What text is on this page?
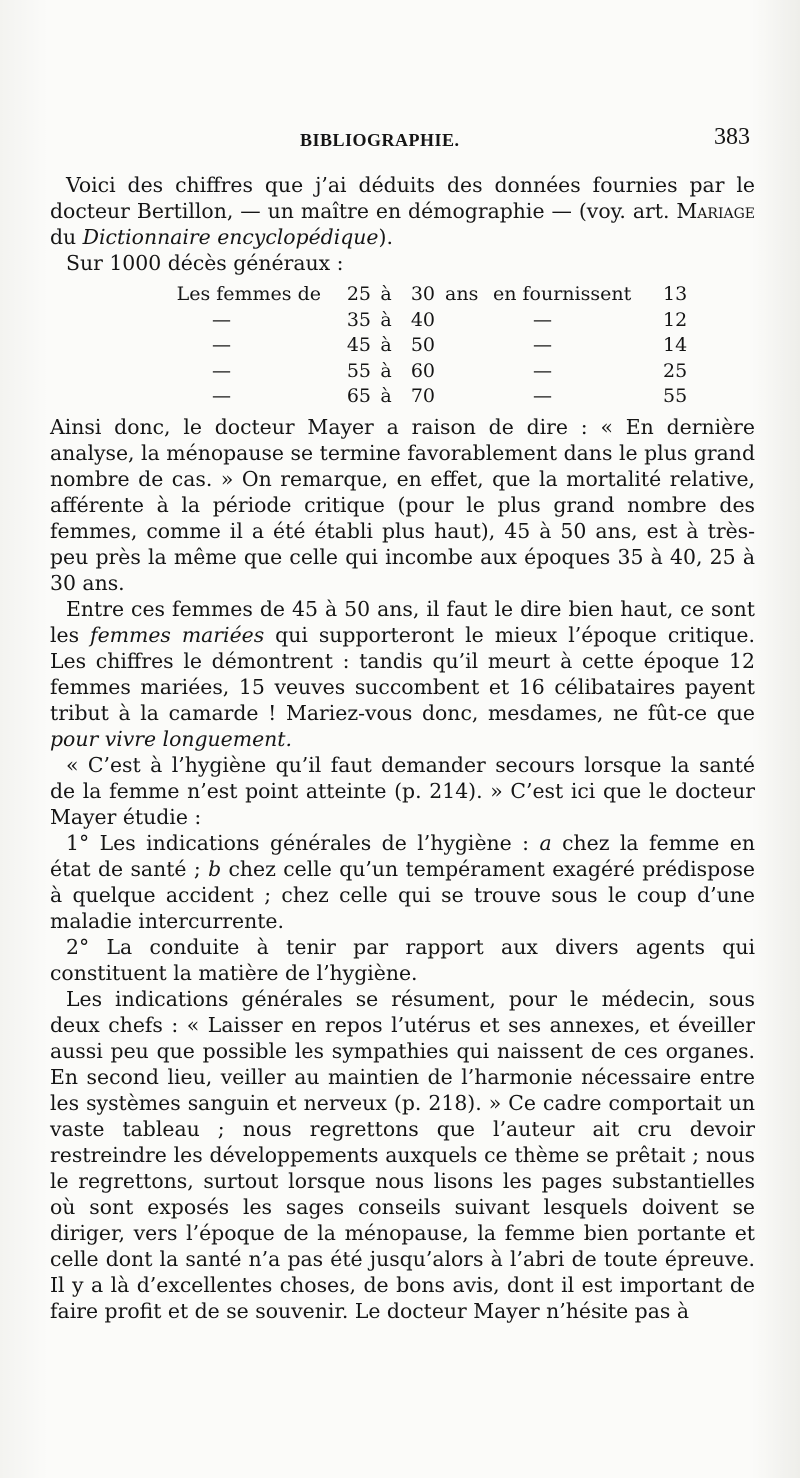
BIBLIOGRAPHIE.	383

Voici des chiffres que j’ai déduits des données fournies par le docteur Bertillon, — un maître en démographie — (voy. art. Mariage du Dictionnaire encyclopédique).

Sur 1000 décès généraux :

Les femmes de	25 à	30 ans en fournissent	13
—	35 à	40	—	12
—	45 à	50	—	14
—	55 à	60	—	25
—	65 à	70	—	55

Ainsi donc, le docteur Mayer a raison de dire : « En dernière analyse, la ménopause se termine favorablement dans le plus grand nombre de cas. » On remarque, en effet, que la mortalité relative, afférente à la période critique (pour le plus grand nombre des femmes, comme il a été établi plus haut), 45 à 50 ans, est à très-peu près la même que celle qui incombe aux époques 35 à 40, 25 à 30 ans.

Entre ces femmes de 45 à 50 ans, il faut le dire bien haut, ce sont les femmes mariées qui supporteront le mieux l’époque critique. Les chiffres le démontrent : tandis qu’il meurt à cette époque 12 femmes mariées, 15 veuves succombent et 16 célibataires payent tribut à la camarde ! Mariez-vous donc, mesdames, ne fût-ce que pour vivre longuement.

« C’est à l’hygiène qu’il faut demander secours lorsque la santé de la femme n’est point atteinte (p. 214). » C’est ici que le docteur Mayer étudie :

1° Les indications générales de l’hygiène : a chez la femme en état de santé ; b chez celle qu’un tempérament exagéré prédispose à quelque accident ; chez celle qui se trouve sous le coup d’une maladie intercurrente.

2° La conduite à tenir par rapport aux divers agents qui constituent la matière de l’hygiène.

Les indications générales se résument, pour le médecin, sous deux chefs : « Laisser en repos l’utérus et ses annexes, et éveiller aussi peu que possible les sympathies qui naissent de ces organes. En second lieu, veiller au maintien de l’harmonie nécessaire entre les systèmes sanguin et nerveux (p. 218). » Ce cadre comportait un vaste tableau ; nous regrettons que l’auteur ait cru devoir restreindre les développements auxquels ce thème se prêtait ; nous le regrettons, surtout lorsque nous lisons les pages substantielles où sont exposés les sages conseils suivant lesquels doivent se diriger, vers l’époque de la ménopause, la femme bien portante et celle dont la santé n’a pas été jusqu’alors à l’abri de toute épreuve. Il y a là d’excellentes choses, de bons avis, dont il est important de faire profit et de se souvenir. Le docteur Mayer n’hésite pas à
